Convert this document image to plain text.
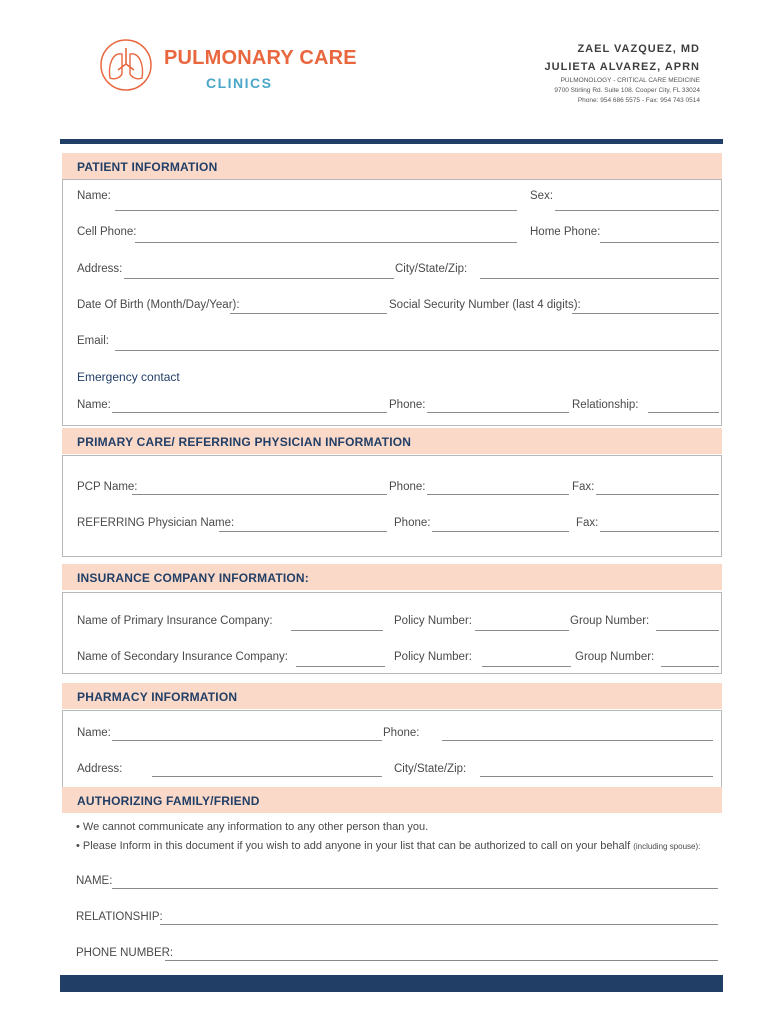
PULMONARY CARE
CLINICS
ZAEL VAZQUEZ, MD
JULIETA ALVAREZ, APRN
PULMONOLOGY - CRITICAL CARE MEDICINE
9700 Stirling Rd. Suite 108. Cooper City, FL 33024
Phone: 954 686 5575 - Fax: 954 743 0514
PATIENT INFORMATION
Name:	Sex:
Cell Phone:	Home Phone:
Address:	City/State/Zip:
Date Of Birth (Month/Day/Year):	Social Security Number (last 4 digits):
Email:
Emergency contact
Name:	Phone:	Relationship:
PRIMARY CARE/ REFERRING PHYSICIAN INFORMATION
PCP Name:	Phone:	Fax:
REFERRING Physician Name:	Phone:	Fax:
INSURANCE COMPANY INFORMATION:
Name of Primary Insurance Company:	Policy Number:	Group Number:
Name of Secondary Insurance Company:	Policy Number:	Group Number:
PHARMACY INFORMATION
Name:	Phone:
Address:	City/State/Zip:
AUTHORIZING FAMILY/FRIEND
• We cannot communicate any information to any other person than you.
• Please Inform in this document if you wish to add anyone in your list that can be authorized to call on your behalf (including spouse):
NAME:
RELATIONSHIP:
PHONE NUMBER:
